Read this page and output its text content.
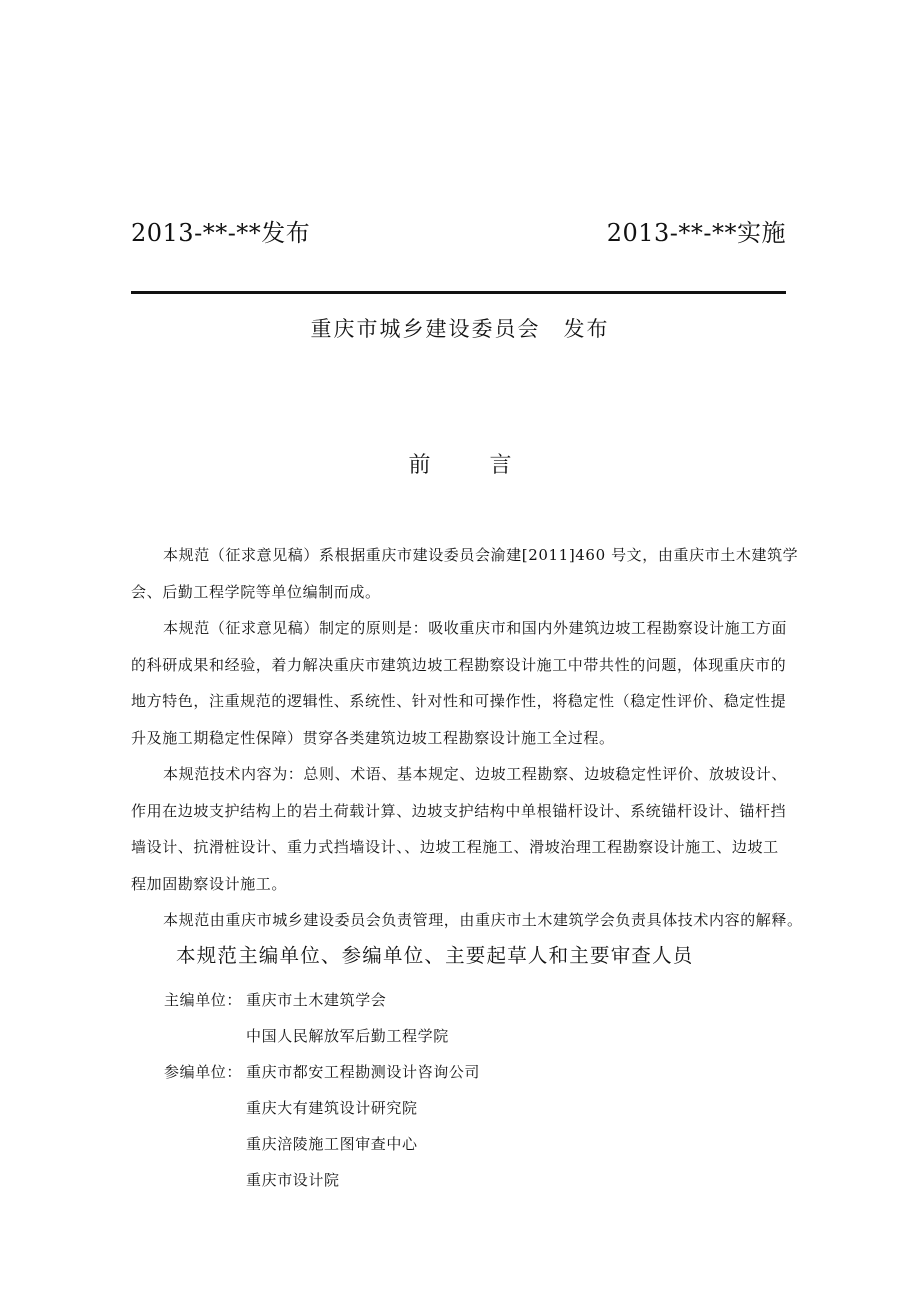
2013-**-**发布	2013-**-**实施
重庆市城乡建设委员会　发布
前 言
本规范（征求意见稿）系根据重庆市建设委员会渝建[2011]460 号文，由重庆市土木建筑学
会、后勤工程学院等单位编制而成。
本规范（征求意见稿）制定的原则是：吸收重庆市和国内外建筑边坡工程勘察设计施工方面
的科研成果和经验，着力解决重庆市建筑边坡工程勘察设计施工中带共性的问题，体现重庆市的
地方特色，注重规范的逻辑性、系统性、针对性和可操作性，将稳定性（稳定性评价、稳定性提
升及施工期稳定性保障）贯穿各类建筑边坡工程勘察设计施工全过程。
本规范技术内容为：总则、术语、基本规定、边坡工程勘察、边坡稳定性评价、放坡设计、
作用在边坡支护结构上的岩土荷载计算、边坡支护结构中单根锚杆设计、系统锚杆设计、锚杆挡
墙设计、抗滑桩设计、重力式挡墙设计、、边坡工程施工、滑坡治理工程勘察设计施工、边坡工
程加固勘察设计施工。
本规范由重庆市城乡建设委员会负责管理，由重庆市土木建筑学会负责具体技术内容的解释。
本规范主编单位、参编单位、主要起草人和主要审查人员
主编单位： 重庆市土木建筑学会
中国人民解放军后勤工程学院
参编单位： 重庆市都安工程勘测设计咨询公司
重庆大有建筑设计研究院
重庆涪陵施工图审查中心
重庆市设计院
